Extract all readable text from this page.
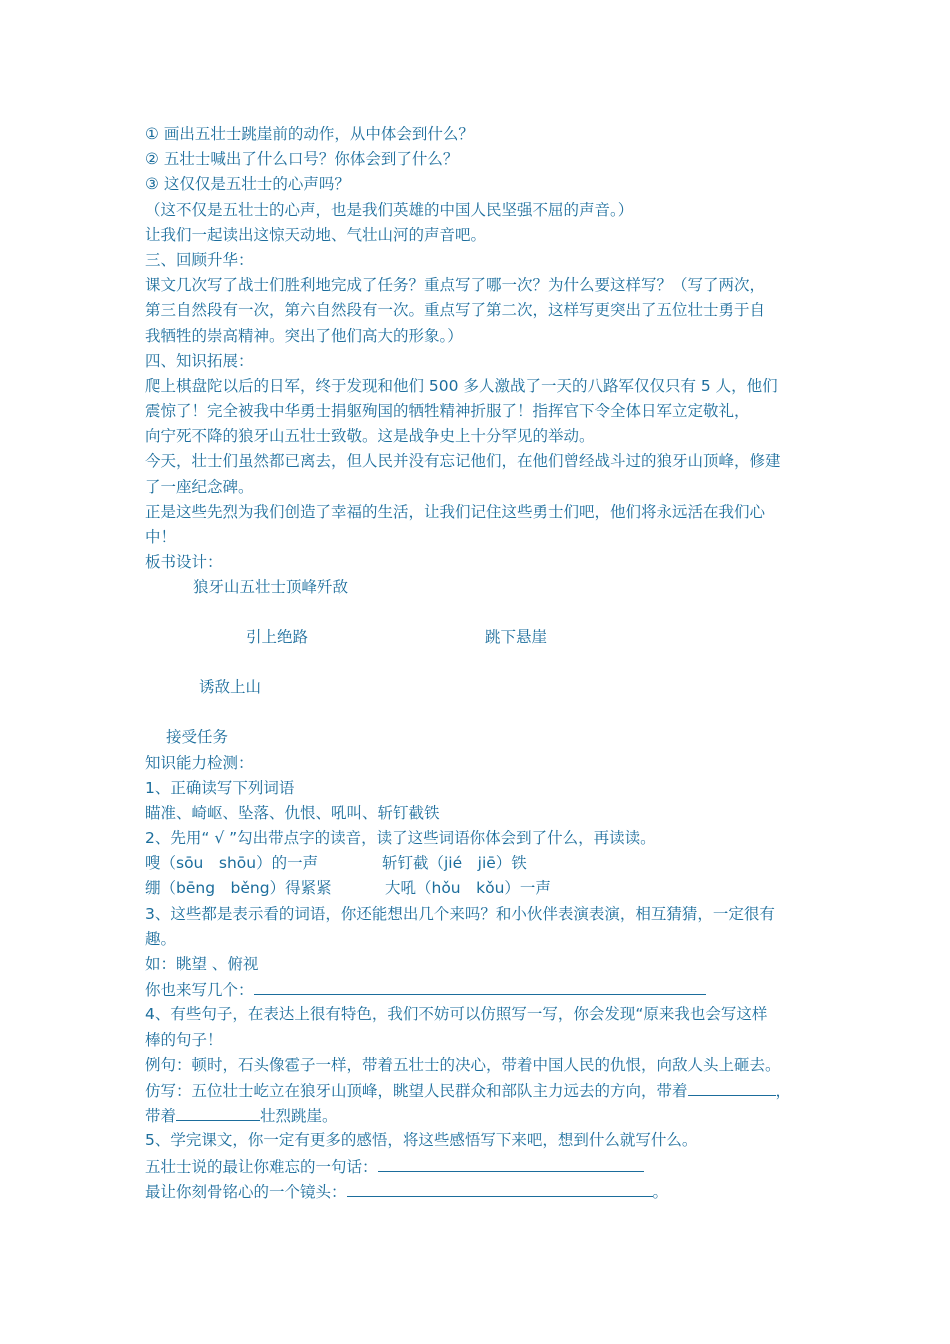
① 画出五壮士跳崖前的动作，从中体会到什么？
② 五壮士喊出了什么口号？你体会到了什么？
③ 这仅仅是五壮士的心声吗？
（这不仅是五壮士的心声，也是我们英雄的中国人民坚强不屈的声音。）
让我们一起读出这惊天动地、气壮山河的声音吧。
三、回顾升华：
课文几次写了战士们胜利地完成了任务？重点写了哪一次？为什么要这样写？（写了两次，
第三自然段有一次，第六自然段有一次。重点写了第二次，这样写更突出了五位壮士勇于自
我牺牲的崇高精神。突出了他们高大的形象。）
四、知识拓展：
爬上棋盘陀以后的日军，终于发现和他们 500 多人激战了一天的八路军仅仅只有 5 人，他们
震惊了！完全被我中华勇士捐躯殉国的牺牲精神折服了！指挥官下令全体日军立定敬礼，
向宁死不降的狼牙山五壮士致敬。这是战争史上十分罕见的举动。
今天，壮士们虽然都已离去，但人民并没有忘记他们，在他们曾经战斗过的狼牙山顶峰，修建
了一座纪念碑。
正是这些先烈为我们创造了幸福的生活，让我们记住这些勇士们吧，他们将永远活在我们心
中！
板书设计：
狼牙山五壮士顶峰歼敌
引上绝路	跳下悬崖
诱敌上山
接受任务
知识能力检测：
1、正确读写下列词语
瞄准、崎岖、坠落、仇恨、吼叫、斩钉截铁
2、先用“ √ ”勾出带点字的读音，读了这些词语你体会到了什么，再读读。
嗖（sōu　shōu）的一声	斩钉截（jié　jiē）铁
绷（bēng　běng）得紧紧	大吼（hǒu　kǒu）一声
3、这些都是表示看的词语，你还能想出几个来吗？和小伙伴表演表演，相互猜猜，一定很有
趣。
如：眺望 、俯视
你也来写几个：
4、有些句子，在表达上很有特色，我们不妨可以仿照写一写，你会发现“原来我也会写这样
棒的句子！
例句：顿时，石头像雹子一样，带着五壮士的决心，带着中国人民的仇恨，向敌人头上砸去。
仿写：五位壮士屹立在狼牙山顶峰，眺望人民群众和部队主力远去的方向，带着	，
带着	壮烈跳崖。
5、学完课文，你一定有更多的感悟，将这些感悟写下来吧，想到什么就写什么。
五壮士说的最让你难忘的一句话：
最让你刻骨铭心的一个镜头：	。
